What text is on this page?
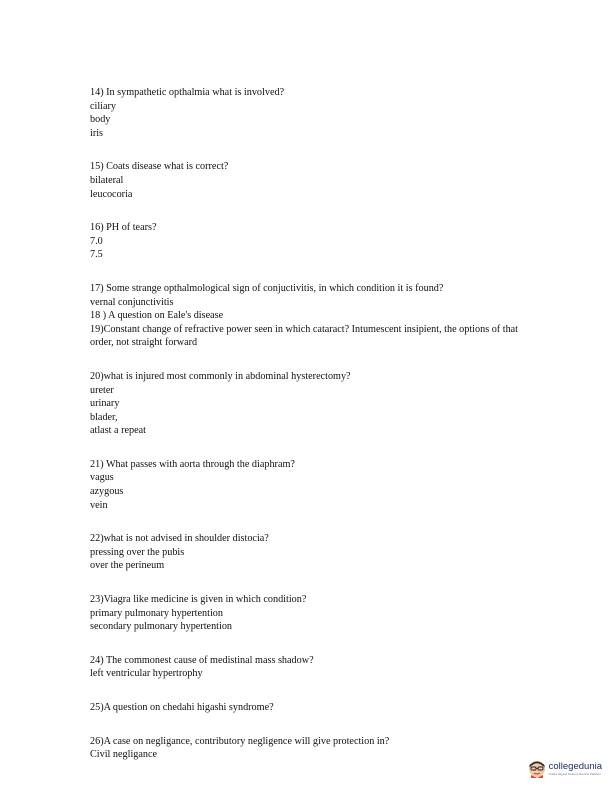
14) In sympathetic opthalmia what is involved?
ciliary
body
iris
15) Coats disease what is correct?
bilateral
leucocoria
16) PH of tears?
7.0
7.5
17) Some strange opthalmological sign of conjuctivitis, in which condition it is found?
vernal conjunctivitis
18 ) A question on Eale's disease
19)Constant change of refractive power seen in which cataract? Intumescent insipient, the options of that order, not straight forward
20)what is injured most commonly in abdominal hysterectomy?
ureter
urinary
blader,
atlast a repeat
21) What passes with aorta through the diaphram?
vagus
azygous
vein
22)what is not advised in shoulder distocia?
pressing over the pubis
over the perineum
23)Viagra like medicine is given in which condition?
primary pulmonary hypertention
secondary pulmonary hypertention
24) The commonest cause of medistinal mass shadow?
left ventricular hypertrophy
25)A question on chedahi higashi syndrome?
26)A case on negligance, contributory negligence will give protection in?
Civil negligance
collegedunia
India's largest Student Review Platform
